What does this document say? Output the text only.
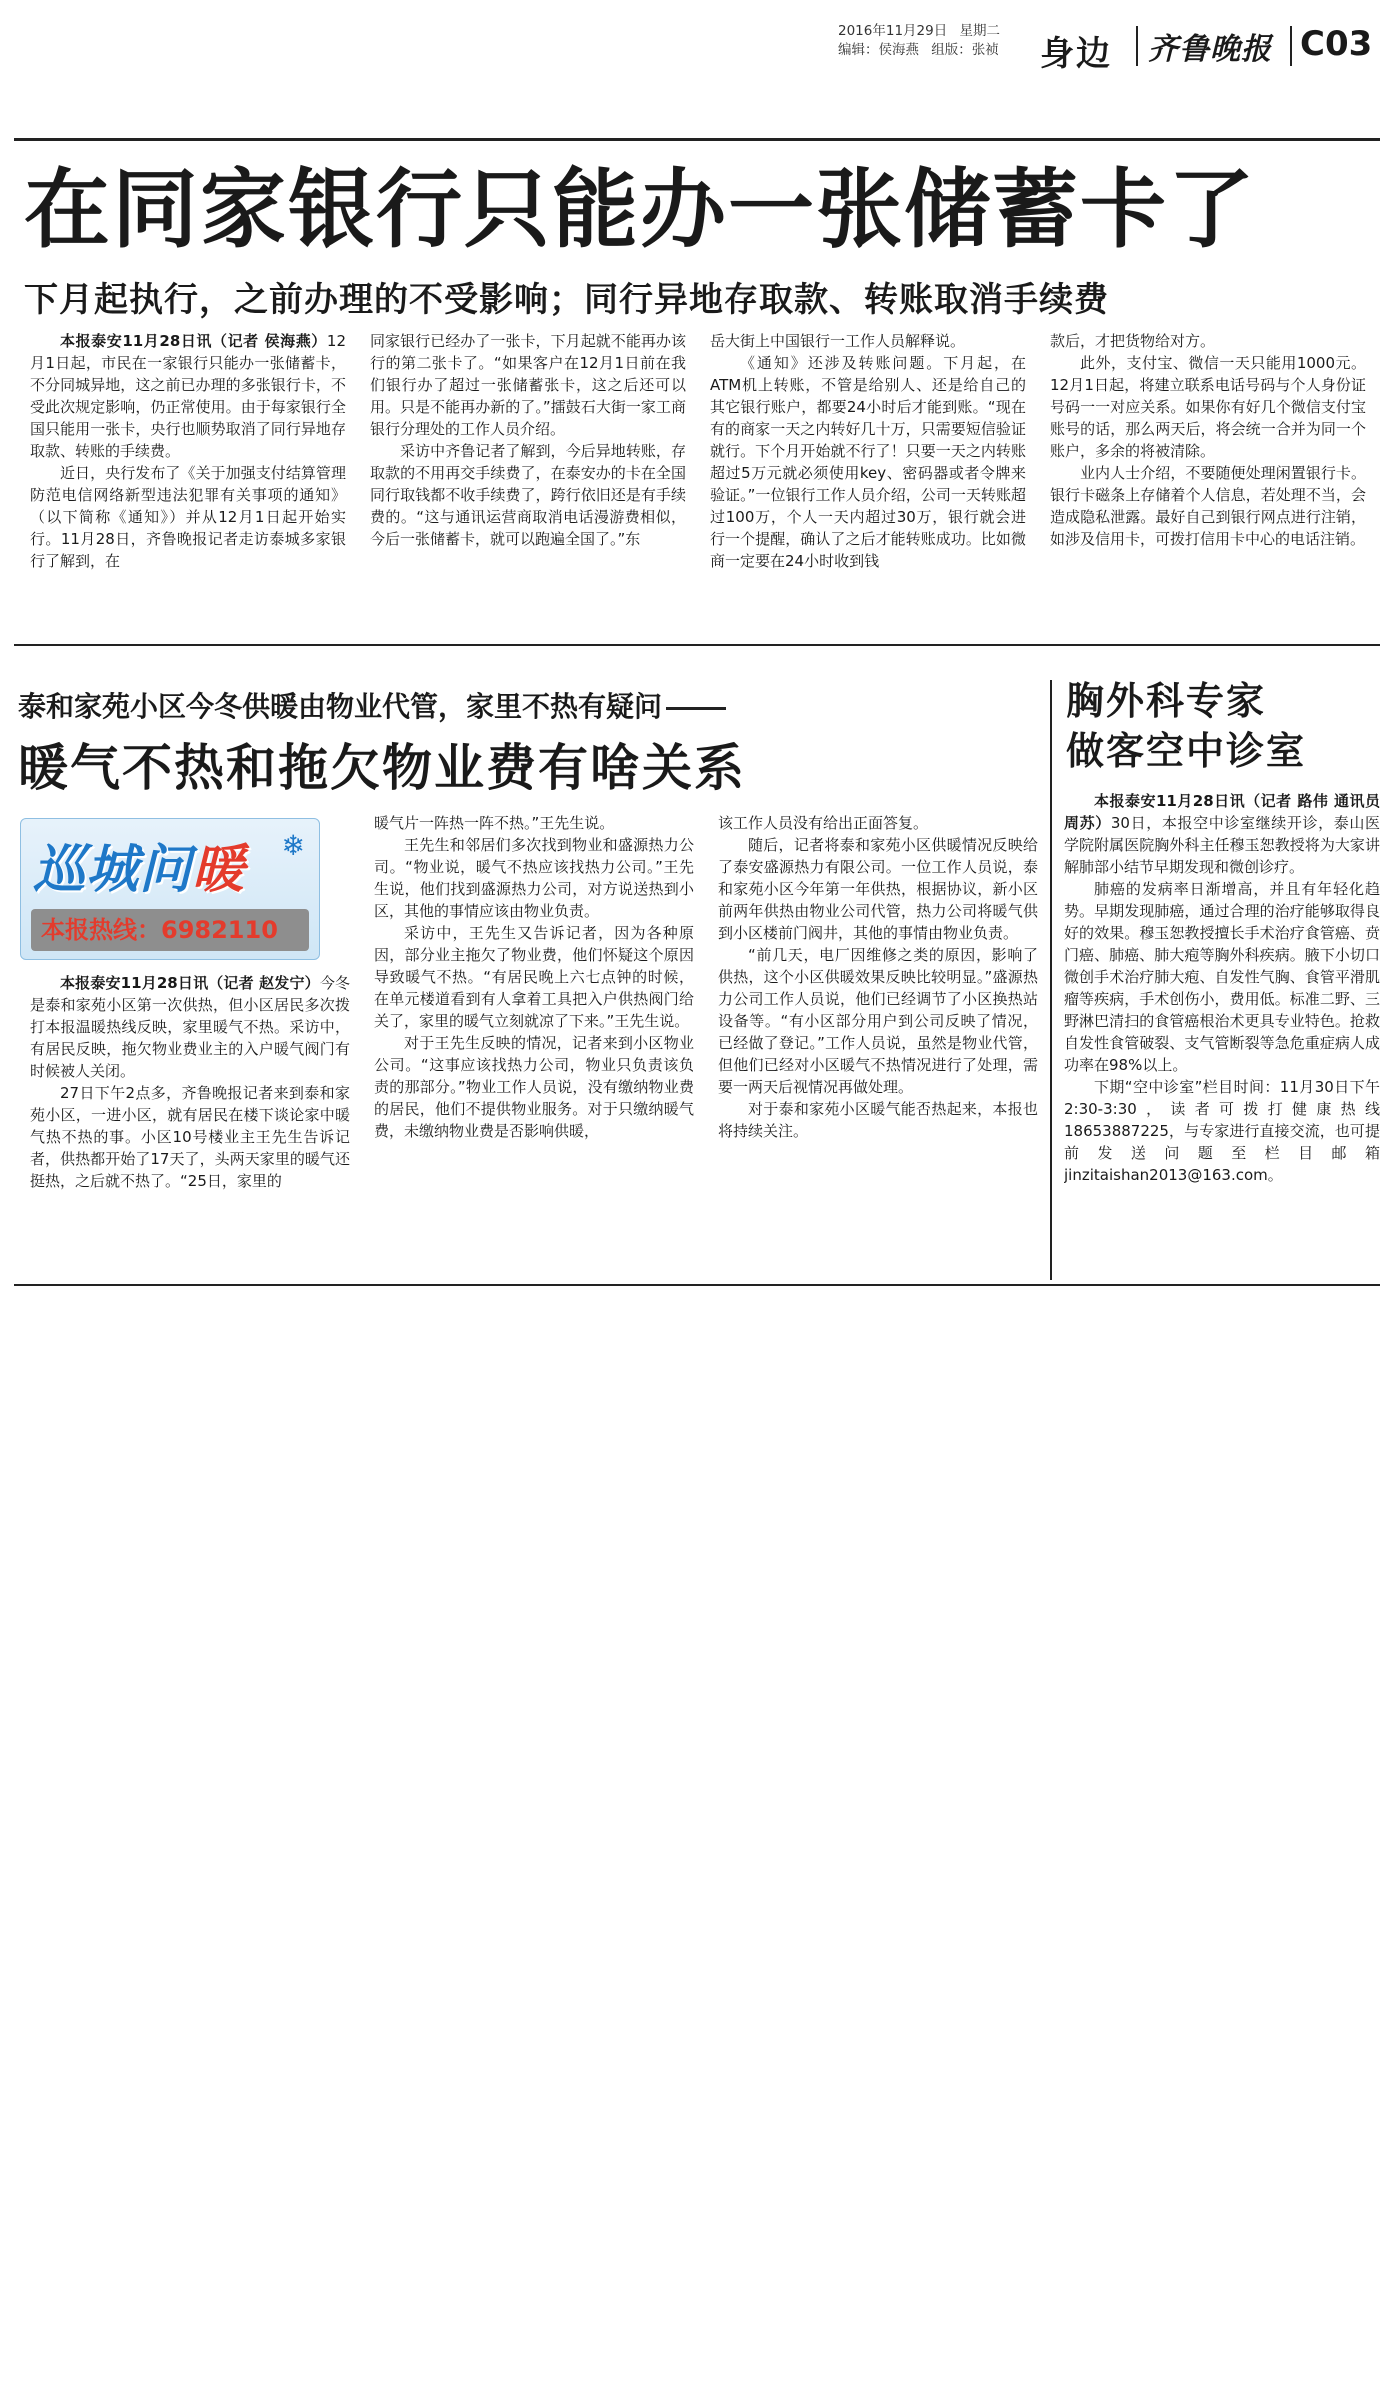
2016年11月29日 星期二
编辑：侯海燕 组版：张祯	身边 齐鲁晚报 C03
在同家银行只能办一张储蓄卡了
下月起执行，之前办理的不受影响；同行异地存取款、转账取消手续费

本报泰安11月28日讯（记者 侯海燕）12月1日起，市民在一家银行只能办一张储蓄卡，不分同城异地，这之前已办理的多张银行卡，不受此次规定影响，仍正常使用。由于每家银行全国只能用一张卡，央行也顺势取消了同行异地存取款、转账的手续费。

近日，央行发布了《关于加强支付结算管理防范电信网络新型违法犯罪有关事项的通知》（以下简称《通知》）并从12月1日起开始实行。11月28日，齐鲁晚报记者走访泰城多家银行了解到，在

同家银行已经办了一张卡，下月起就不能再办该行的第二张卡了。“如果客户在12月1日前在我们银行办了超过一张储蓄张卡，这之后还可以用。只是不能再办新的了。”擂鼓石大街一家工商银行分理处的工作人员介绍。

采访中齐鲁记者了解到，今后异地转账，存取款的不用再交手续费了，在泰安办的卡在全国同行取钱都不收手续费了，跨行依旧还是有手续费的。“这与通讯运营商取消电话漫游费相似，今后一张储蓄卡，就可以跑遍全国了。”东

岳大街上中国银行一工作人员解释说。

《通知》还涉及转账问题。下月起，在ATM机上转账，不管是给别人、还是给自己的其它银行账户，都要24小时后才能到账。“现在有的商家一天之内转好几十万，只需要短信验证就行。下个月开始就不行了！只要一天之内转账超过5万元就必须使用key、密码器或者令牌来验证。”一位银行工作人员介绍，公司一天转账超过100万，个人一天内超过30万，银行就会进行一个提醒，确认了之后才能转账成功。比如微商一定要在24小时收到钱

款后，才把货物给对方。

此外，支付宝、微信一天只能用1000元。12月1日起，将建立联系电话号码与个人身份证号码一一对应关系。如果你有好几个微信支付宝账号的话，那么两天后，将会统一合并为同一个账户，多余的将被清除。

业内人士介绍，不要随便处理闲置银行卡。银行卡磁条上存储着个人信息，若处理不当，会造成隐私泄露。最好自己到银行网点进行注销，如涉及信用卡，可拨打信用卡中心的电话注销。

泰和家苑小区今冬供暖由物业代管，家里不热有疑问
暖气不热和拖欠物业费有啥关系

本报泰安11月28日讯（记者 赵发宁）今冬是泰和家苑小区第一次供热，但小区居民多次拨打本报温暖热线反映，家里暖气不热。采访中，有居民反映，拖欠物业费业主的入户暖气阀门有时候被人关闭。

27日下午2点多，齐鲁晚报记者来到泰和家苑小区，一进小区，就有居民在楼下谈论家中暖气热不热的事。小区10号楼业主王先生告诉记者，供热都开始了17天了，头两天家里的暖气还挺热，之后就不热了。“25日，家里的

暖气片一阵热一阵不热。”王先生说。

王先生和邻居们多次找到物业和盛源热力公司。“物业说，暖气不热应该找热力公司。”王先生说，他们找到盛源热力公司，对方说送热到小区，其他的事情应该由物业负责。

采访中，王先生又告诉记者，因为各种原因，部分业主拖欠了物业费，他们怀疑这个原因导致暖气不热。“有居民晚上六七点钟的时候，在单元楼道看到有人拿着工具把入户供热阀门给关了，家里的暖气立刻就凉了下来。”王先生说。

对于王先生反映的情况，记者来到小区物业公司。“这事应该找热力公司，物业只负责该负责的那部分。”物业工作人员说，没有缴纳物业费的居民，他们不提供物业服务。对于只缴纳暖气费，未缴纳物业费是否影响供暖，

该工作人员没有给出正面答复。

随后，记者将泰和家苑小区供暖情况反映给了泰安盛源热力有限公司。一位工作人员说，泰和家苑小区今年第一年供热，根据协议，新小区前两年供热由物业公司代管，热力公司将暖气供到小区楼前门阀井，其他的事情由物业负责。

“前几天，电厂因维修之类的原因，影响了供热，这个小区供暖效果反映比较明显。”盛源热力公司工作人员说，他们已经调节了小区换热站设备等。“有小区部分用户到公司反映了情况，已经做了登记。”工作人员说，虽然是物业代管，但他们已经对小区暖气不热情况进行了处理，需要一两天后视情况再做处理。

对于泰和家苑小区暖气能否热起来，本报也将持续关注。

巡城问暖 ❄
本报热线：6982110
胸外科专家
做客空中诊室

本报泰安11月28日讯（记者 路伟 通讯员 周苏）30日，本报空中诊室继续开诊，泰山医学院附属医院胸外科主任穆玉恕教授将为大家讲解肺部小结节早期发现和微创诊疗。

肺癌的发病率日渐增高，并且有年轻化趋势。早期发现肺癌，通过合理的治疗能够取得良好的效果。穆玉恕教授擅长手术治疗食管癌、贲门癌、肺癌、肺大疱等胸外科疾病。腋下小切口微创手术治疗肺大疱、自发性气胸、食管平滑肌瘤等疾病，手术创伤小，费用低。标准二野、三野淋巴清扫的食管癌根治术更具专业特色。抢救自发性食管破裂、支气管断裂等急危重症病人成功率在98%以上。

下期“空中诊室”栏目时间：11月30日下午2:30-3:30，读者可拨打健康热线18653887225，与专家进行直接交流，也可提前发送问题至栏目邮箱jinzitaishan2013@163.com。
